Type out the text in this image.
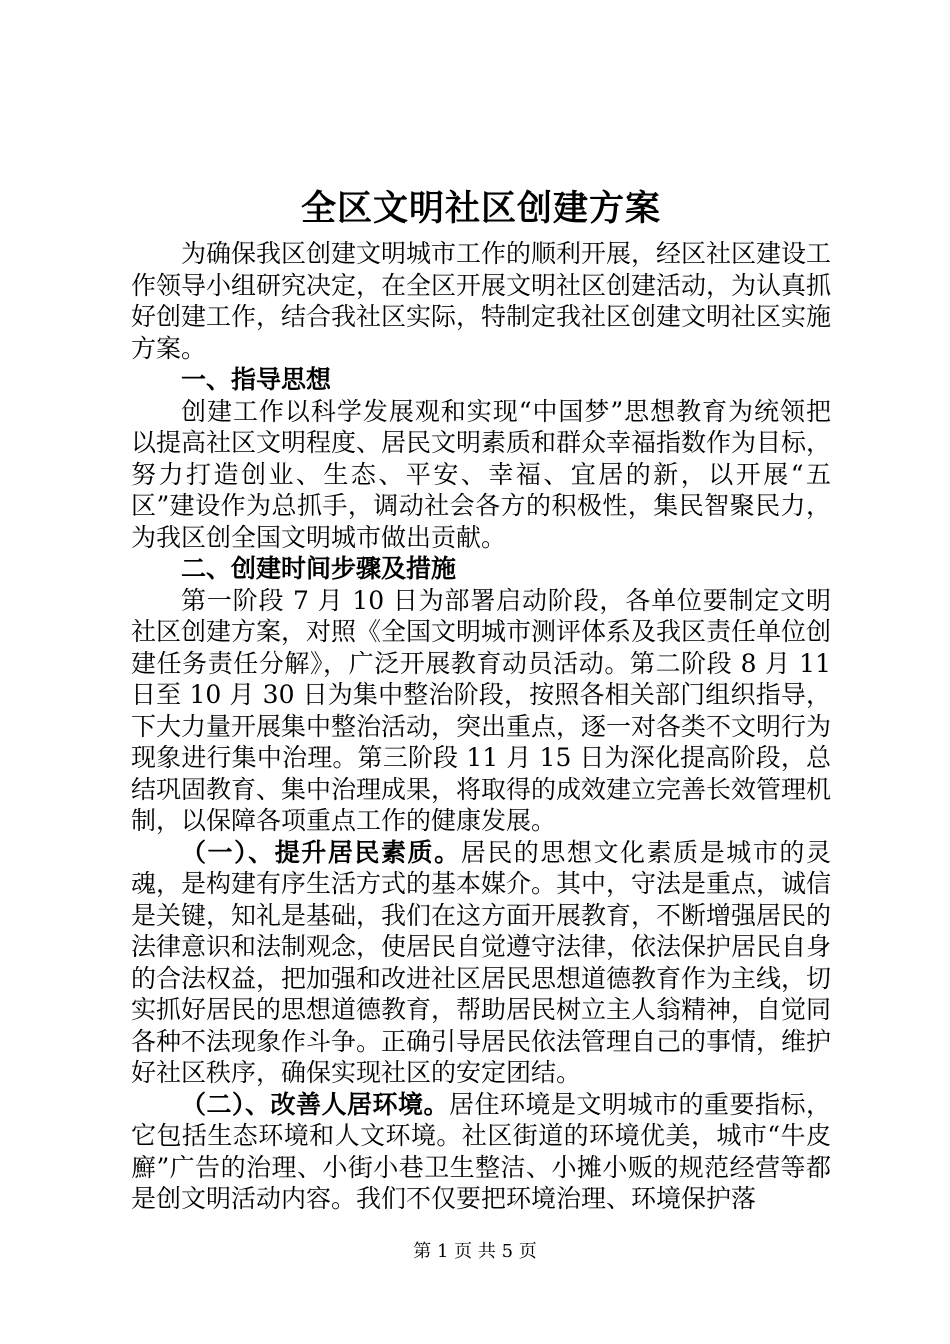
全区文明社区创建方案

为确保我区创建文明城市工作的顺利开展，经区社区建设工作领导小组研究决定，在全区开展文明社区创建活动，为认真抓好创建工作，结合我社区实际，特制定我社区创建文明社区实施方案。

一、指导思想

创建工作以科学发展观和实现“中国梦”思想教育为统领把以提高社区文明程度、居民文明素质和群众幸福指数作为目标，努力打造创业、生态、平安、幸福、宜居的新，以开展“五区”建设作为总抓手，调动社会各方的积极性，集民智聚民力，为我区创全国文明城市做出贡献。

二、创建时间步骤及措施

第一阶段 7 月 10 日为部署启动阶段，各单位要制定文明社区创建方案，对照《全国文明城市测评体系及我区责任单位创建任务责任分解》，广泛开展教育动员活动。第二阶段 8 月 11 日至 10 月 30 日为集中整治阶段，按照各相关部门组织指导，下大力量开展集中整治活动，突出重点，逐一对各类不文明行为现象进行集中治理。第三阶段 11 月 15 日为深化提高阶段，总结巩固教育、集中治理成果，将取得的成效建立完善长效管理机制，以保障各项重点工作的健康发展。

（一）、提升居民素质。居民的思想文化素质是城市的灵魂，是构建有序生活方式的基本媒介。其中，守法是重点，诚信是关键，知礼是基础，我们在这方面开展教育，不断增强居民的法律意识和法制观念，使居民自觉遵守法律，依法保护居民自身的合法权益，把加强和改进社区居民思想道德教育作为主线，切实抓好居民的思想道德教育，帮助居民树立主人翁精神，自觉同各种不法现象作斗争。正确引导居民依法管理自己的事情，维护好社区秩序，确保实现社区的安定团结。

（二）、改善人居环境。居住环境是文明城市的重要指标，它包括生态环境和人文环境。社区街道的环境优美，城市“牛皮廯”广告的治理、小街小巷卫生整洁、小摊小贩的规范经营等都是创文明活动内容。我们不仅要把环境治理、环境保护落

第 1 页 共 5 页
